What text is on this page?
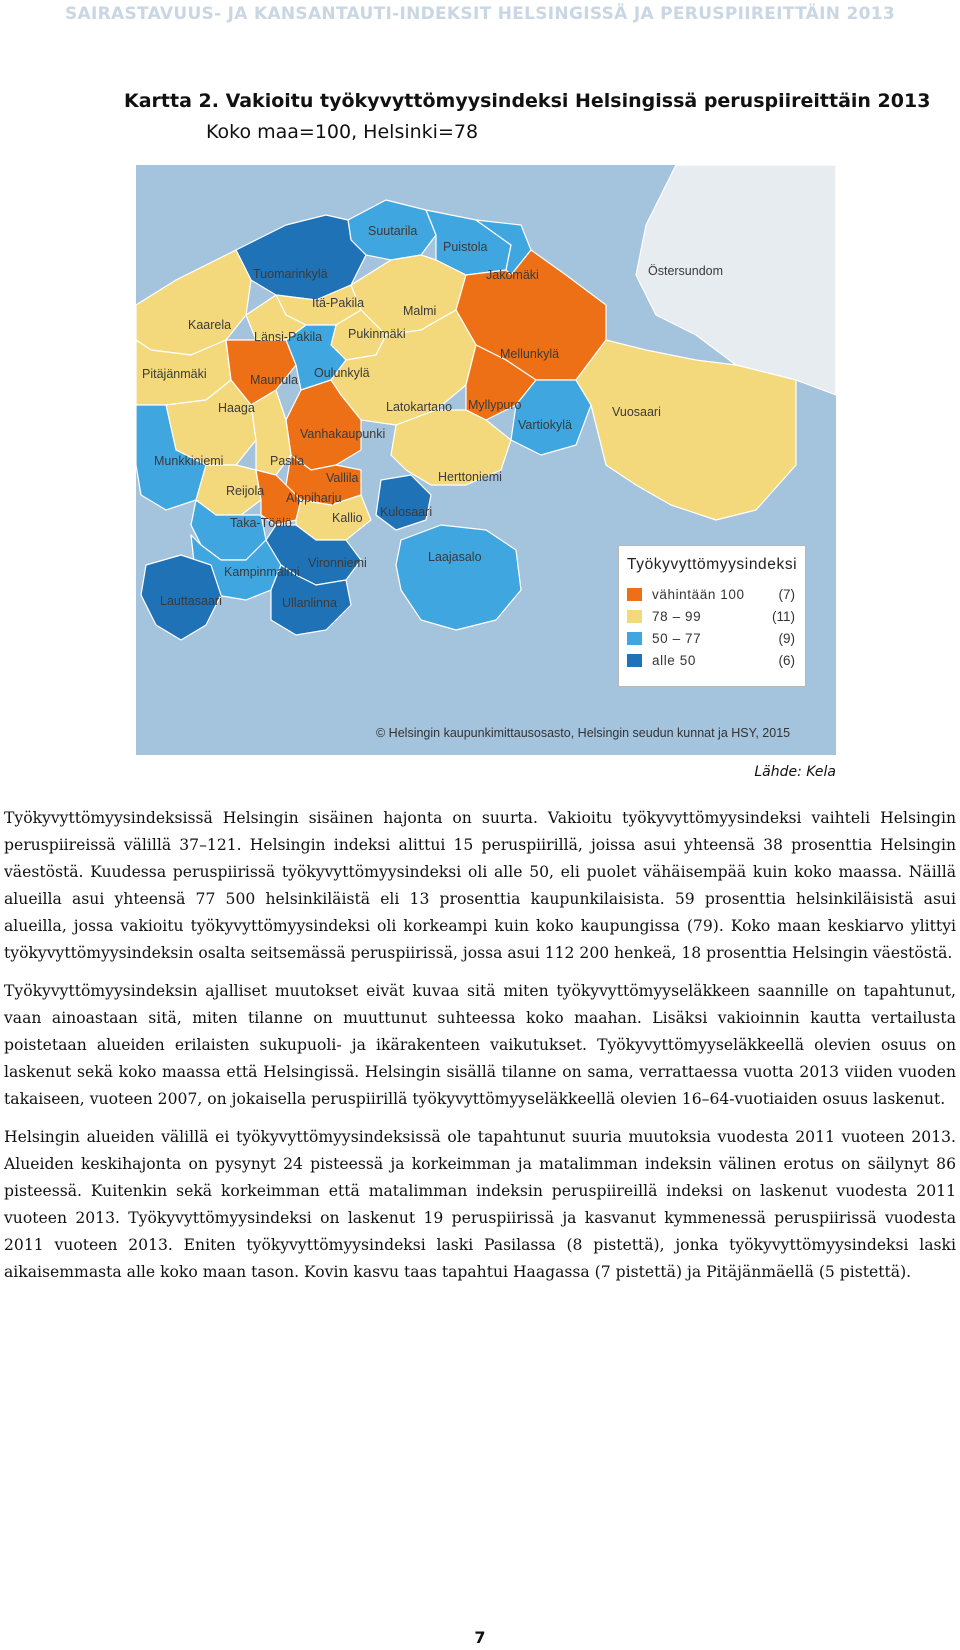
SAIRASTAVUUS- JA KANSANTAUTI-INDEKSIT HELSINGISSÄ JA PERUSPIIREITTÄIN 2013
Kartta 2. Vakioitu työkyvyttömyysindeksi Helsingissä peruspiireittäin 2013
Koko maa=100, Helsinki=78
Suutarila
Puistola
Tuomarinkylä	Jakomäki	Östersundom
Itä-Pakila
Malmi
Kaarela
Länsi-Pakila Pukinmäki
Mellunkylä
Pitäjänmäki	Maunula Oulunkylä
Haaga	Latokartano Myllypuro	Vuosaari
Vartiokylä
Vanhakaupunki
Munkkiniemi	Pasila
Vallila	Herttoniemi
Reijola Alppiharju
Kulosaari
Kallio
Taka-Töölö
Vironniemi	Laajasalo
Kampinmalmi
Lauttasaari	Ullanlinna
Työkyvyttömyysindeksi
vähintään 100	(7)
78 – 99	(11)
50 – 77	(9)
alle 50	(6)
© Helsingin kaupunkimittausosasto, Helsingin seudun kunnat ja HSY, 2015
Lähde: Kela

Työkyvyttömyysindeksissä Helsingin sisäinen hajonta on suurta. Vakioitu työkyvyttömyysindeksi vaihteli Helsingin peruspiireissä välillä 37–121. Helsingin indeksi alittui 15 peruspiirillä, joissa asui yhteensä 38 prosenttia Helsingin väestöstä. Kuudessa peruspiirissä työkyvyttömyysindeksi oli alle 50, eli puolet vähäisempää kuin koko maassa. Näillä alueilla asui yhteensä 77 500 helsinkiläistä eli 13 prosenttia kaupunkilaisista. 59 prosenttia helsinkiläisistä asui alueilla, jossa vakioitu työkyvyttömyysindeksi oli korkeampi kuin koko kaupungissa (79). Koko maan keskiarvo ylittyi työkyvyttömyysindeksin osalta seitsemässä peruspiirissä, jossa asui 112 200 henkeä, 18 prosenttia Helsingin väestöstä.

Työkyvyttömyysindeksin ajalliset muutokset eivät kuvaa sitä miten työkyvyttömyyseläkkeen saannille on tapahtunut, vaan ainoastaan sitä, miten tilanne on muuttunut suhteessa koko maahan. Lisäksi vakioinnin kautta vertailusta poistetaan alueiden erilaisten sukupuoli- ja ikärakenteen vaikutukset. Työkyvyttömyyseläkkeellä olevien osuus on laskenut sekä koko maassa että Helsingissä. Helsingin sisällä tilanne on sama, verrattaessa vuotta 2013 viiden vuoden takaiseen, vuoteen 2007, on jokaisella peruspiirillä työkyvyttömyyseläkkeellä olevien 16–64-vuotiaiden osuus laskenut.

Helsingin alueiden välillä ei työkyvyttömyysindeksissä ole tapahtunut suuria muutoksia vuodesta 2011 vuoteen 2013. Alueiden keskihajonta on pysynyt 24 pisteessä ja korkeimman ja matalimman indeksin välinen erotus on säilynyt 86 pisteessä. Kuitenkin sekä korkeimman että matalimman indeksin peruspiireillä indeksi on laskenut vuodesta 2011 vuoteen 2013. Työkyvyttömyysindeksi on laskenut 19 peruspiirissä ja kasvanut kymmenessä peruspiirissä vuodesta 2011 vuoteen 2013. Eniten työkyvyttömyysindeksi laski Pasilassa (8 pistettä), jonka työkyvyttömyysindeksi laski aikaisemmasta alle koko maan tason. Kovin kasvu taas tapahtui Haagassa (7 pistettä) ja Pitäjänmäellä (5 pistettä).

7
